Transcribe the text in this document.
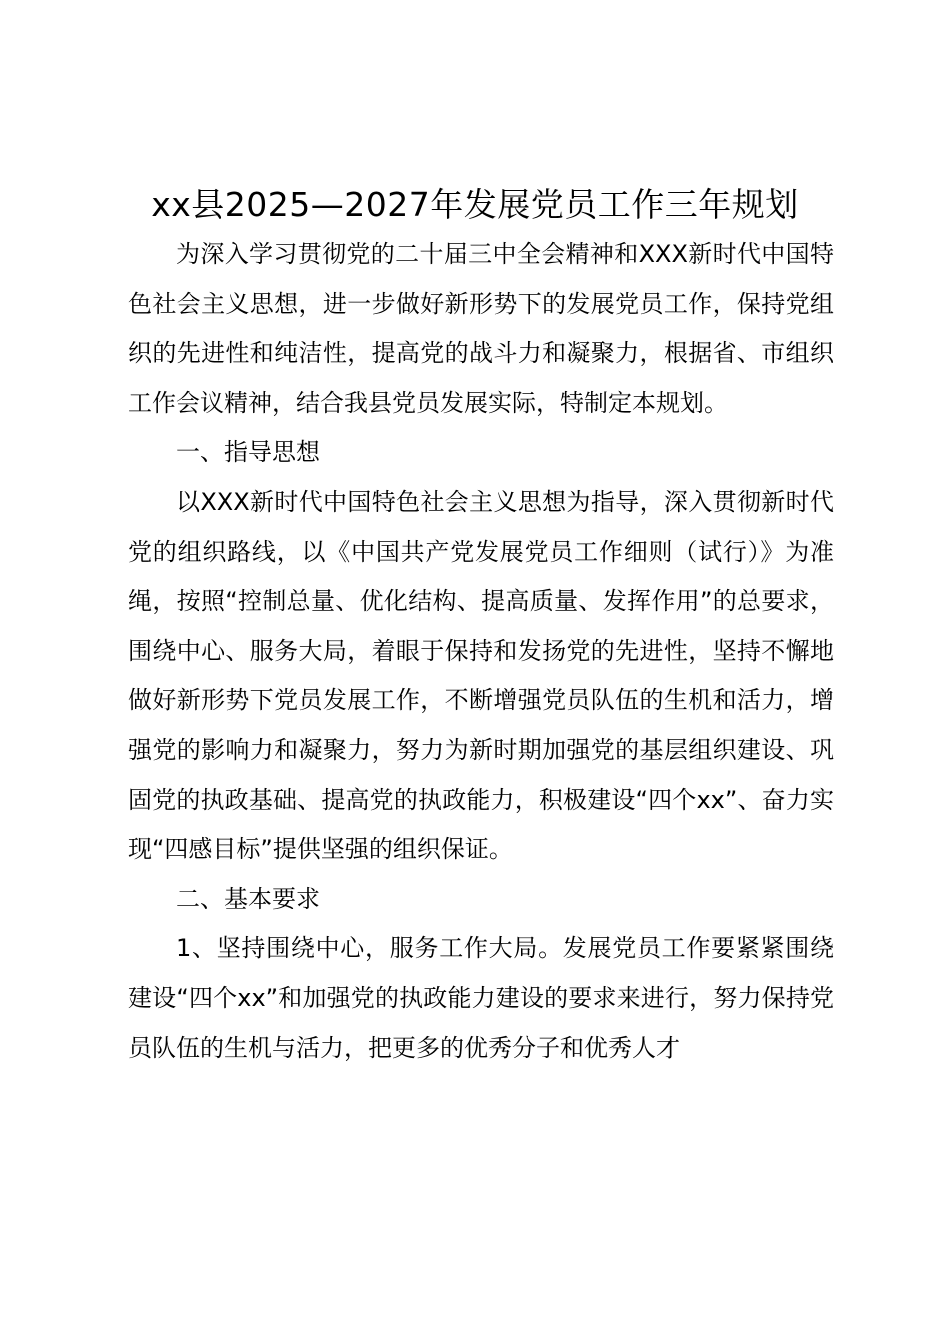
xx县2025—2027年发展党员工作三年规划

为深入学习贯彻党的二十届三中全会精神和XXX新时代中国特色社会主义思想，进一步做好新形势下的发展党员工作，保持党组织的先进性和纯洁性，提高党的战斗力和凝聚力，根据省、市组织工作会议精神，结合我县党员发展实际，特制定本规划。

一、指导思想

以XXX新时代中国特色社会主义思想为指导，深入贯彻新时代党的组织路线，以《中国共产党发展党员工作细则（试行）》为准绳，按照“控制总量、优化结构、提高质量、发挥作用”的总要求，围绕中心、服务大局，着眼于保持和发扬党的先进性，坚持不懈地做好新形势下党员发展工作，不断增强党员队伍的生机和活力，增强党的影响力和凝聚力，努力为新时期加强党的基层组织建设、巩固党的执政基础、提高党的执政能力，积极建设“四个xx”、奋力实现“四感目标”提供坚强的组织保证。

二、基本要求

1、坚持围绕中心，服务工作大局。发展党员工作要紧紧围绕建设“四个xx”和加强党的执政能力建设的要求来进行，努力保持党员队伍的生机与活力，把更多的优秀分子和优秀人才
